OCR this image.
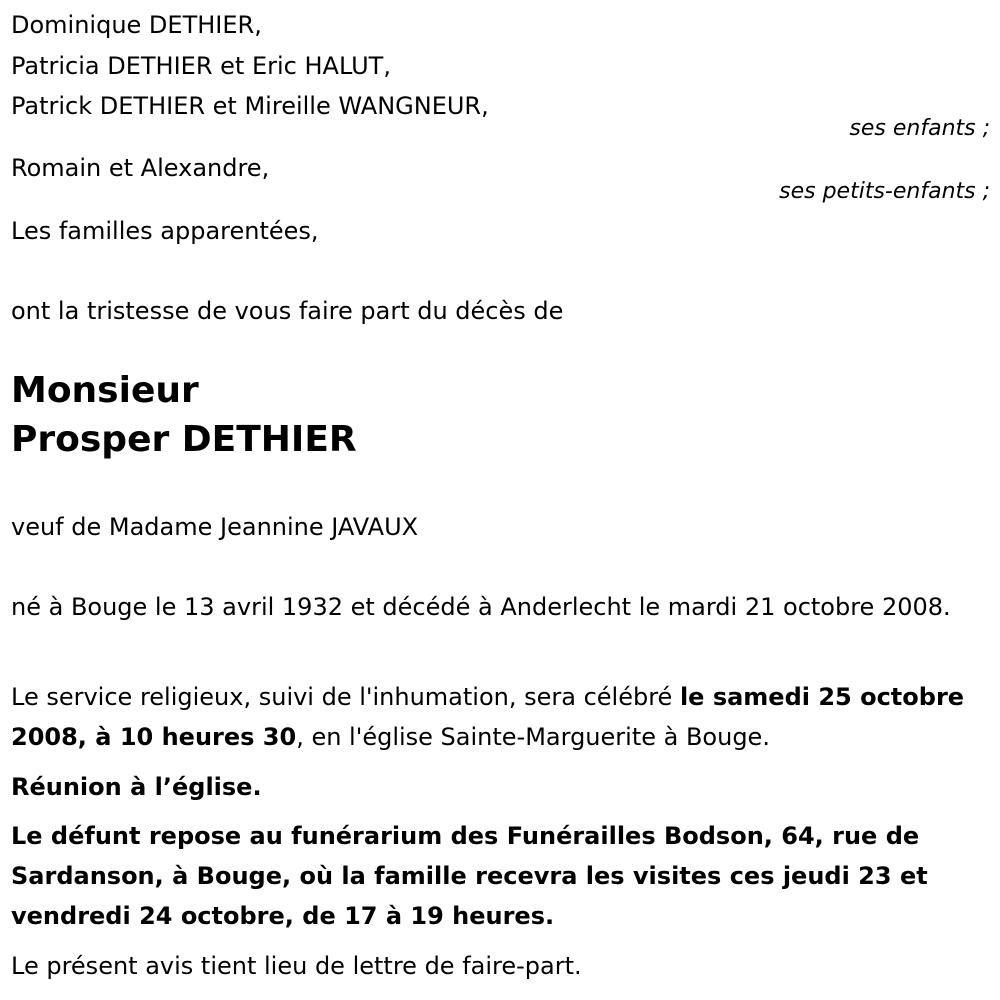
Dominique DETHIER,
Patricia DETHIER et Eric HALUT,
Patrick DETHIER et Mireille WANGNEUR,
ses enfants ;
Romain et Alexandre,
ses petits-enfants ;
Les familles apparentées,
ont la tristesse de vous faire part du décès de
Monsieur
Prosper DETHIER
veuf de Madame Jeannine JAVAUX
né à Bouge le 13 avril 1932 et décédé à Anderlecht le mardi 21 octobre 2008.
Le service religieux, suivi de l'inhumation, sera célébré le samedi 25 octobre 2008, à 10 heures 30, en l'église Sainte-Marguerite à Bouge.
Réunion à l’église.
Le défunt repose au funérarium des Funérailles Bodson, 64, rue de Sardanson, à Bouge, où la famille recevra les visites ces jeudi 23 et vendredi 24 octobre, de 17 à 19 heures.
Le présent avis tient lieu de lettre de faire-part.
